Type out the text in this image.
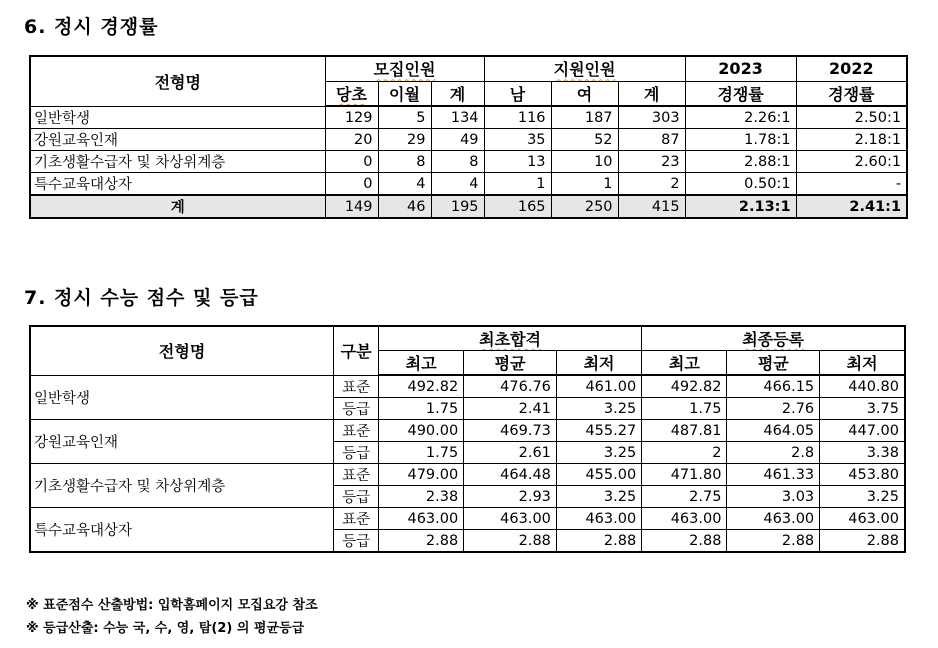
6. 정시 경쟁률
전형명	모집인원			지원인원			2023	2022
	당초	이월	계	남	여	계	경쟁률	경쟁률
일반학생	129	5	134	116	187	303	2.26:1	2.50:1
강원교육인재	20	29	49	35	52	87	1.78:1	2.18:1
기초생활수급자 및 차상위계층	0	8	8	13	10	23	2.88:1	2.60:1
특수교육대상자	0	4	4	1	1	2	0.50:1	-
계	149	46	195	165	250	415	2.13:1	2.41:1
7. 정시 수능 점수 및 등급
전형명	구분	최초합격			최종등록		
		최고	평균	최저	최고	평균	최저
일반학생	표준	492.82	476.76	461.00	492.82	466.15	440.80
	등급	1.75	2.41	3.25	1.75	2.76	3.75
강원교육인재	표준	490.00	469.73	455.27	487.81	464.05	447.00
	등급	1.75	2.61	3.25	2	2.8	3.38
기초생활수급자 및 차상위계층	표준	479.00	464.48	455.00	471.80	461.33	453.80
	등급	2.38	2.93	3.25	2.75	3.03	3.25
특수교육대상자	표준	463.00	463.00	463.00	463.00	463.00	463.00
	등급	2.88	2.88	2.88	2.88	2.88	2.88
※ 표준점수 산출방법: 입학홈페이지 모집요강 참조
※ 등급산출: 수능 국, 수, 영, 탐(2) 의 평균등급
